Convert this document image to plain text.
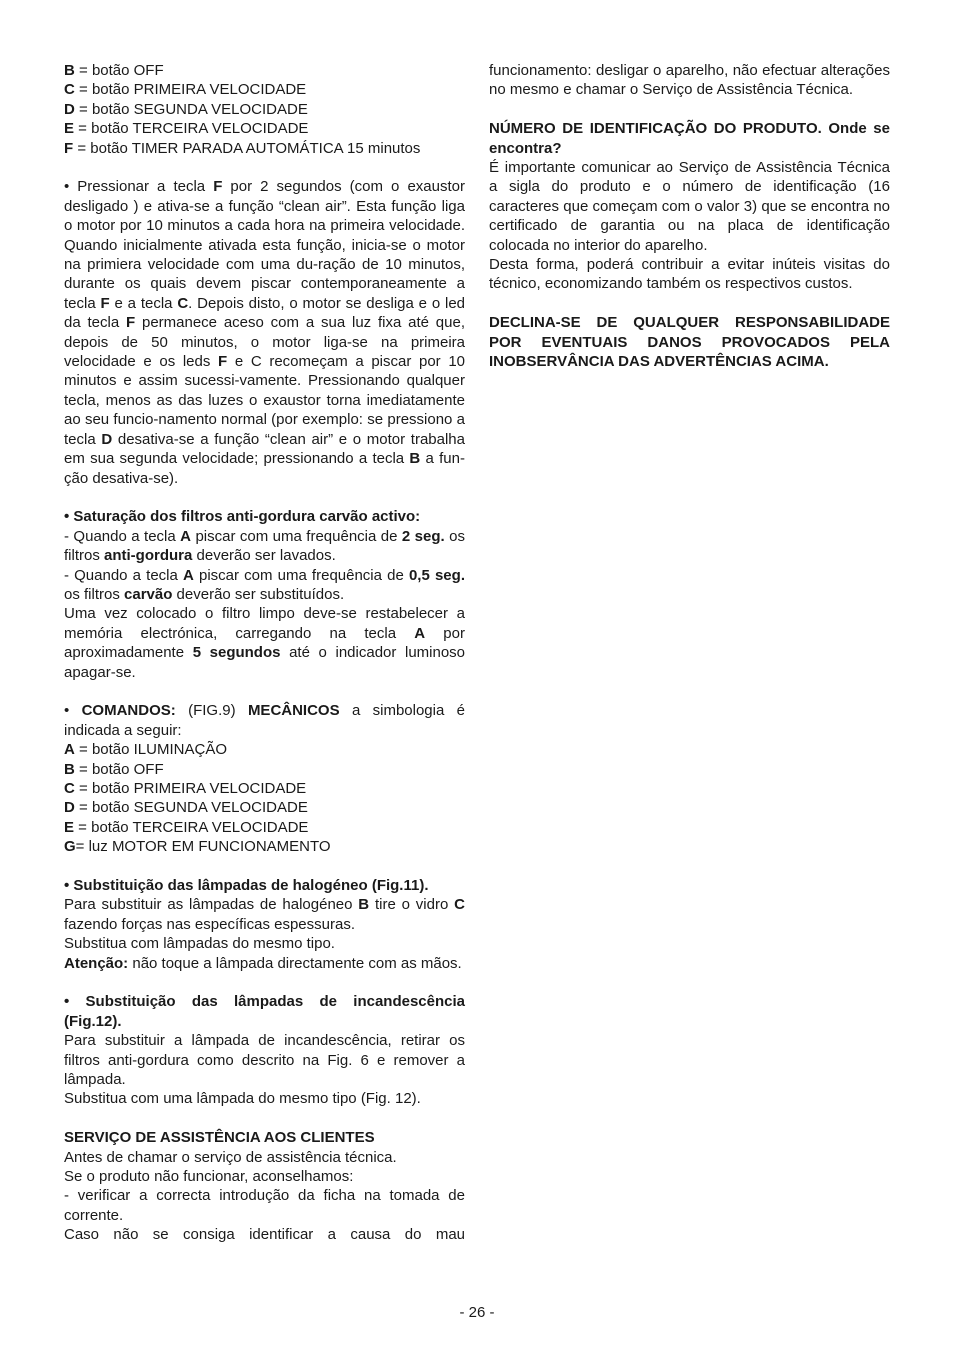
B = botão OFF
C = botão PRIMEIRA VELOCIDADE
D = botão SEGUNDA VELOCIDADE
E = botão TERCEIRA VELOCIDADE
F = botão TIMER PARADA AUTOMÁTICA 15 minutos
• Pressionar a tecla F por 2 segundos (com o exaustor desligado ) e ativa-se a função “clean air”. Esta função liga o motor por 10 minutos a cada hora na primeira velocidade. Quando inicialmente ativada esta função, inicia-se o motor na primiera velocidade com uma du-ração de 10 minutos, durante os quais devem piscar contemporaneamente a tecla F e a tecla C. Depois disto, o motor se desliga e o led da tecla F permanece aceso com a sua luz fixa até que, depois de 50 minutos, o motor liga-se na primeira velocidade e os leds F e C recomeçam a piscar por 10 minutos e assim sucessi-vamente. Pressionando qualquer tecla, menos as das luzes o exaustor torna imediatamente ao seu funcio-namento normal (por exemplo: se pressiono a tecla D desativa-se a função “clean air” e o motor trabalha em sua segunda velocidade; pressionando a tecla B a fun-ção desativa-se).
• Saturação dos filtros anti-gordura carvão activo:
- Quando a tecla A piscar com uma frequência de 2 seg. os filtros anti-gordura deverão ser lavados.
- Quando a tecla A piscar com uma frequência de 0,5 seg. os filtros carvão deverão ser substituídos.
Uma vez colocado o filtro limpo deve-se restabelecer a memória electrónica, carregando na tecla A por aproximadamente 5 segundos até o indicador luminoso apagar-se.
• COMANDOS: (FIG.9) MECÂNICOS a simbologia é indicada a seguir:
A = botão ILUMINAÇÃO
B = botão OFF
C = botão PRIMEIRA VELOCIDADE
D = botão SEGUNDA VELOCIDADE
E = botão TERCEIRA VELOCIDADE
G= luz MOTOR EM FUNCIONAMENTO
• Substituição das lâmpadas de halogéneo (Fig.11).
Para substituir as lâmpadas de halogéneo B tire o vidro C fazendo forças nas específicas espessuras.
Substitua com lâmpadas do mesmo tipo.
Atenção: não toque a lâmpada directamente com as mãos.
• Substituição das lâmpadas de incandescência (Fig.12).
Para substituir a lâmpada de incandescência, retirar os filtros anti-gordura como descrito na Fig. 6 e remover a lâmpada.
Substitua com uma lâmpada do mesmo tipo (Fig. 12).
SERVIÇO DE ASSISTÊNCIA AOS CLIENTES
Antes de chamar o serviço de assistência técnica.
Se o produto não funcionar, aconselhamos:
- verificar a correcta introdução da ficha na tomada de corrente.
Caso não se consiga identificar a causa do mau
funcionamento: desligar o aparelho, não efectuar alterações no mesmo e chamar o Serviço de Assistência Técnica.
NÚMERO DE IDENTIFICAÇÃO DO PRODUTO. Onde se encontra?
É importante comunicar ao Serviço de Assistência Técnica a sigla do produto e o número de identificação (16 caracteres que começam com o valor 3) que se encontra no certificado de garantia ou na placa de identificação colocada no interior do aparelho.
Desta forma, poderá contribuir a evitar inúteis visitas do técnico, economizando também os respectivos custos.
DECLINA-SE DE QUALQUER RESPONSABILIDADE POR EVENTUAIS DANOS PROVOCADOS PELA INOBSERVÂNCIA DAS ADVERTÊNCIAS ACIMA.
- 26 -
